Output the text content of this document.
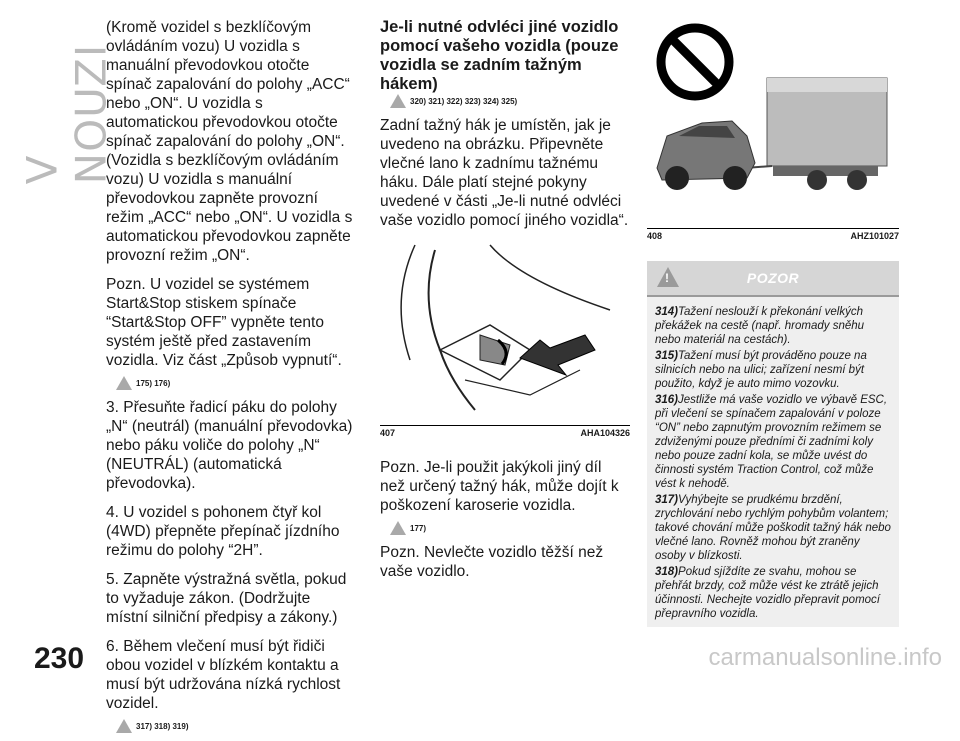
V NOUZI

(Kromě vozidel s bezklíčovým ovládáním vozu) U vozidla s manuální převodovkou otočte spínač zapalování do polohy „ACC“ nebo „ON“. U vozidla s automatickou převodovkou otočte spínač zapalování do polohy „ON“. (Vozidla s bezklíčovým ovládáním vozu) U vozidla s manuální převodovkou zapněte provozní režim „ACC“ nebo „ON“. U vozidla s automatickou převodovkou zapněte provozní režim „ON“.

Pozn. U vozidel se systémem Start&Stop stiskem spínače “Start&Stop OFF” vypněte tento systém ještě před zastavením vozidla. Viz část „Způsob vypnutí“.

175) 176)

3. Přesuňte řadicí páku do polohy „N“ (neutrál) (manuální převodovka) nebo páku voliče do polohy „N“ (NEUTRÁL) (automatická převodovka).

4. U vozidel s pohonem čtyř kol (4WD) přepněte přepínač jízdního režimu do polohy “2H”.

5. Zapněte výstražná světla, pokud to vyžaduje zákon. (Dodržujte místní silniční předpisy a zákony.)

6. Během vlečení musí být řidiči obou vozidel v blízkém kontaktu a musí být udržována nízká rychlost vozidel.

317) 318) 319)
Je-li nutné odvléci jiné vozidlo pomocí vašeho vozidla (pouze vozidla se zadním tažným hákem)
320) 321) 322) 323) 324) 325)

Zadní tažný hák je umístěn, jak je uvedeno na obrázku. Připevněte vlečné lano k zadnímu tažnému háku. Dále platí stejné pokyny uvedené v části „Je-li nutné odvléci vaše vozidlo pomocí jiného vozidla“.

407	AHA104326

Pozn. Je-li použit jakýkoli jiný díl než určený tažný hák, může dojít k poškození karoserie vozidla.

177)

Pozn. Nevlečte vozidlo těžší než vaše vozidlo.

408	AHZ101027
!
POZOR
314)Tažení neslouží k překonání velkých překážek na cestě (např. hromady sněhu nebo materiál na cestách).
315)Tažení musí být prováděno pouze na silnicích nebo na ulici; zařízení nesmí být použito, když je auto mimo vozovku.
316)Jestliže má vaše vozidlo ve výbavě ESC, při vlečení se spínačem zapalování v poloze “ON” nebo zapnutým provozním režimem se zdviženými pouze předními či zadními koly nebo pouze zadní kola, se může uvést do činnosti systém Traction Control, což může vést k nehodě.
317)Vyhýbejte se prudkému brzdění, zrychlování nebo rychlým pohybům volantem; takové chování může poškodit tažný hák nebo vlečné lano. Rovněž mohou být zraněny osoby v blízkosti.
318)Pokud sjíždíte ze svahu, mohou se přehřát brzdy, což může vést ke ztrátě jejich účinnosti. Nechejte vozidlo přepravit pomocí přepravního vozidla.
230	carmanualsonline.info
